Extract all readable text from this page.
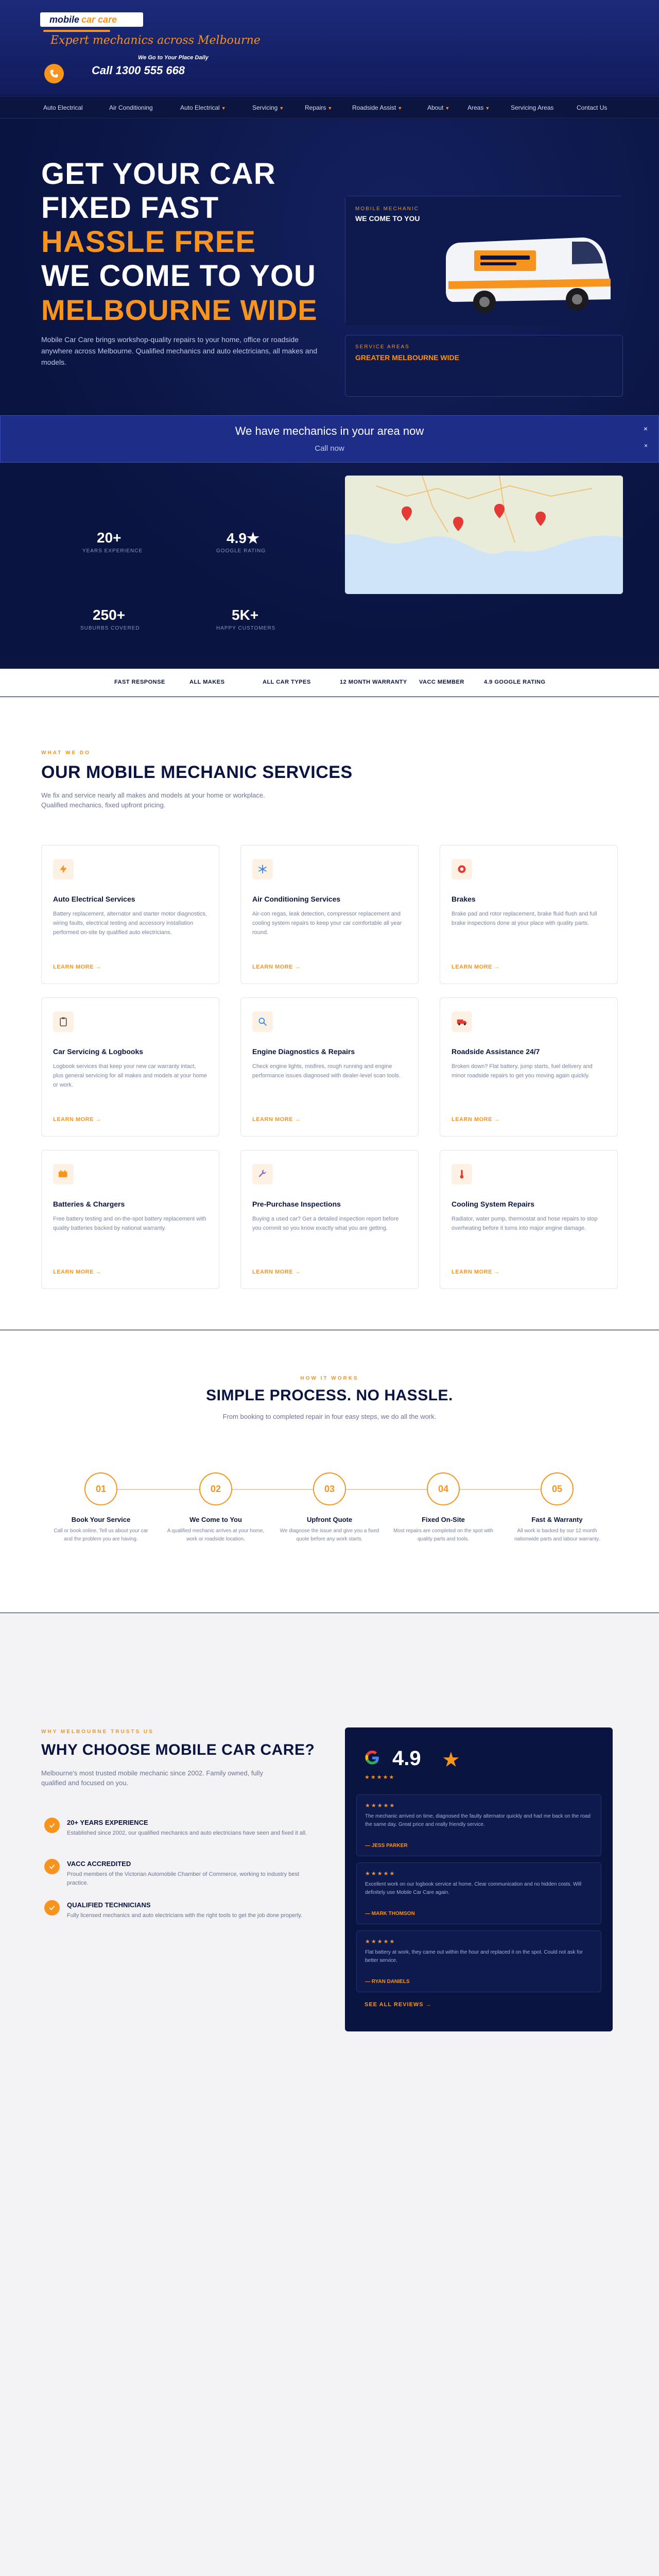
mobile car care
Expert mechanics across Melbourne
We Go to Your Place Daily
Call 1300 555 668
Auto Electrical	Air Conditioning	Auto Electrical ▼	Servicing ▼	Repairs ▼	Roadside Assist ▼	About ▼	Areas ▼	Servicing Areas	Contact Us
GET YOUR CAR
FIXED FAST
HASSLE FREE
WE COME TO YOU
MELBOURNE WIDE
Mobile Car Care brings workshop-quality repairs to your home, office or roadside anywhere across Melbourne. Qualified mechanics and auto electricians, all makes and models.
MOBILE MECHANIC
WE COME TO YOU
SERVICE AREAS
GREATER MELBOURNE WIDE
20+
YEARS EXPERIENCE
4.9★
GOOGLE RATING
250+
SUBURBS COVERED
5K+
HAPPY CUSTOMERS
We have mechanics in your area now
Call now
×
×
FAST RESPONSE	ALL MAKES	ALL CAR TYPES	12 MONTH WARRANTY VACC MEMBER	4.9 GOOGLE RATING
WHAT WE DO
OUR MOBILE MECHANIC SERVICES
We fix and service nearly all makes and models at your home or workplace. Qualified mechanics, fixed upfront pricing.
Auto Electrical Services
Battery replacement, alternator and starter motor diagnostics, wiring faults, electrical testing and accessory installation performed on-site by qualified auto electricians.
LEARN MORE →
Air Conditioning Services
Air-con regas, leak detection, compressor replacement and cooling system repairs to keep your car comfortable all year round.
LEARN MORE →
Brakes
Brake pad and rotor replacement, brake fluid flush and full brake inspections done at your place with quality parts.
LEARN MORE →
Car Servicing & Logbooks
Logbook services that keep your new car warranty intact, plus general servicing for all makes and models at your home or work.
LEARN MORE →
Engine Diagnostics & Repairs
Check engine lights, misfires, rough running and engine performance issues diagnosed with dealer-level scan tools.
LEARN MORE →
Roadside Assistance 24/7
Broken down? Flat battery, jump starts, fuel delivery and minor roadside repairs to get you moving again quickly.
LEARN MORE →
Batteries & Chargers
Free battery testing and on-the-spot battery replacement with quality batteries backed by national warranty.
LEARN MORE →
Pre-Purchase Inspections
Buying a used car? Get a detailed inspection report before you commit so you know exactly what you are getting.
LEARN MORE →
Cooling System Repairs
Radiator, water pump, thermostat and hose repairs to stop overheating before it turns into major engine damage.
LEARN MORE →
HOW IT WORKS
SIMPLE PROCESS. NO HASSLE.
From booking to completed repair in four easy steps, we do all the work.
01
Book Your Service
Call or book online. Tell us about your car and the problem you are having.
02
We Come to You
A qualified mechanic arrives at your home, work or roadside location.
03
Upfront Quote
We diagnose the issue and give you a fixed quote before any work starts.
04
Fixed On-Site
Most repairs are completed on the spot with quality parts and tools.
05
Fast & Warranty
All work is backed by our 12 month nationwide parts and labour warranty.
WHY MELBOURNE TRUSTS US
WHY CHOOSE MOBILE CAR CARE?
Melbourne's most trusted mobile mechanic since 2002. Family owned, fully qualified and focused on you.
20+ YEARS EXPERIENCE
Established since 2002, our qualified mechanics and auto electricians have seen and fixed it all.
VACC ACCREDITED
Proud members of the Victorian Automobile Chamber of Commerce, working to industry best practice.
QUALIFIED TECHNICIANS
Fully licensed mechanics and auto electricians with the right tools to get the job done properly.
4.9 ★
★★★★★
★★★★★
The mechanic arrived on time, diagnosed the faulty alternator quickly and had me back on the road the same day. Great price and really friendly service.
— JESS PARKER
★★★★★
Excellent work on our logbook service at home. Clear communication and no hidden costs. Will definitely use Mobile Car Care again.
— MARK THOMSON
★★★★★
Flat battery at work, they came out within the hour and replaced it on the spot. Could not ask for better service.
— RYAN DANIELS
SEE ALL REVIEWS →
